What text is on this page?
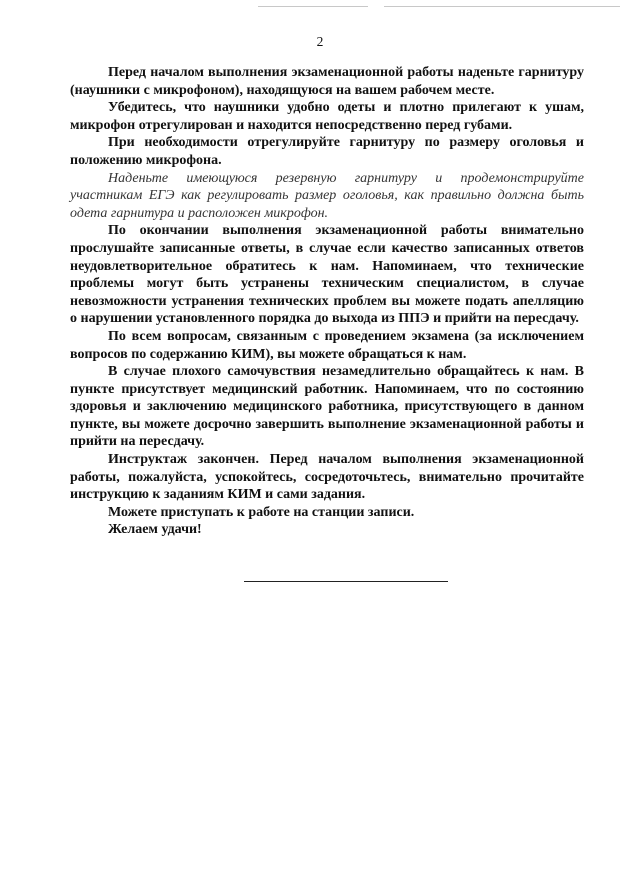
2

Перед началом выполнения экзаменационной работы наденьте гарнитуру (наушники с микрофоном), находящуюся на вашем рабочем месте.

Убедитесь, что наушники удобно одеты и плотно прилегают к ушам, микрофон отрегулирован и находится непосредственно перед губами.

При необходимости отрегулируйте гарнитуру по размеру оголовья и положению микрофона.

Наденьте имеющуюся резервную гарнитуру и продемонстрируйте участникам ЕГЭ как регулировать размер оголовья, как правильно должна быть одета гарнитура и расположен микрофон.

По окончании выполнения экзаменационной работы внимательно прослушайте записанные ответы, в случае если качество записанных ответов неудовлетворительное обратитесь к нам. Напоминаем, что технические проблемы могут быть устранены техническим специалистом, в случае невозможности устранения технических проблем вы можете подать апелляцию о нарушении установленного порядка до выхода из ППЭ и прийти на пересдачу.

По всем вопросам, связанным с проведением экзамена (за исключением вопросов по содержанию КИМ), вы можете обращаться к нам.

В случае плохого самочувствия незамедлительно обращайтесь к нам. В пункте присутствует медицинский работник. Напоминаем, что по состоянию здоровья и заключению медицинского работника, присутствующего в данном пункте, вы можете досрочно завершить выполнение экзаменационной работы и прийти на пересдачу.

Инструктаж закончен. Перед началом выполнения экзаменационной работы, пожалуйста, успокойтесь, сосредоточьтесь, внимательно прочитайте инструкцию к заданиям КИМ и сами задания.

Можете приступать к работе на станции записи.

Желаем удачи!
